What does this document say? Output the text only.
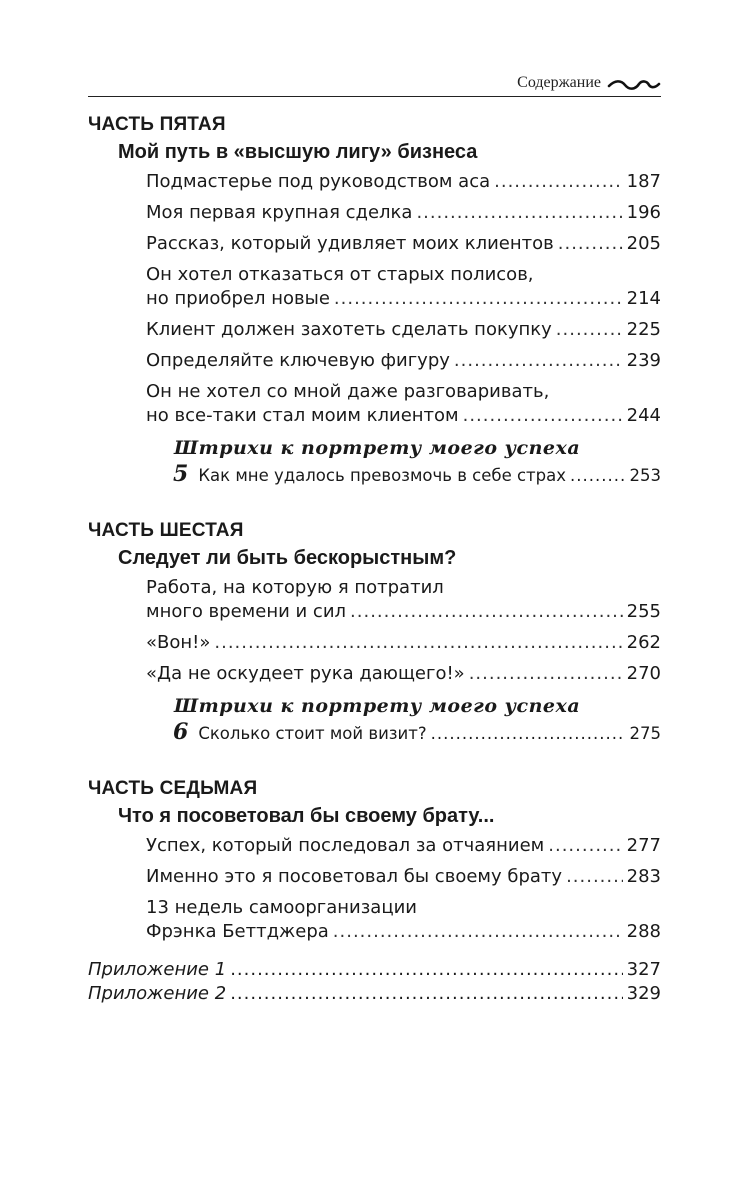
Содержание
ЧАСТЬ ПЯТАЯ
Мой путь в «высшую лигу» бизнеса
Подмастерье под руководством аса .....	187
Моя первая крупная сделка .....	196
Рассказ, который удивляет моих клиентов .....	205
Он хотел отказаться от старых полисов,
но приобрел новые .....	214
Клиент должен захотеть сделать покупку .....	225
Определяйте ключевую фигуру .....	239
Он не хотел со мной даже разговаривать,
но все-таки стал моим клиентом .....	244
Штрихи к портрету моего успеха
5 Как мне удалось превозмочь в себе страх .....	253
ЧАСТЬ ШЕСТАЯ
Следует ли быть бескорыстным?
Работа, на которую я потратил
много времени и сил .....	255
«Вон!» .....	262
«Да не оскудеет рука дающего!» .....	270
Штрихи к портрету моего успеха
6 Сколько стоит мой визит? .....	275
ЧАСТЬ СЕДЬМАЯ
Что я посоветовал бы своему брату...
Успех, который последовал за отчаянием .....	277
Именно это я посоветовал бы своему брату .....	283
13 недель самоорганизации
Фрэнка Беттджера .....	288
Приложение 1 .....	327
Приложение 2 .....	329
